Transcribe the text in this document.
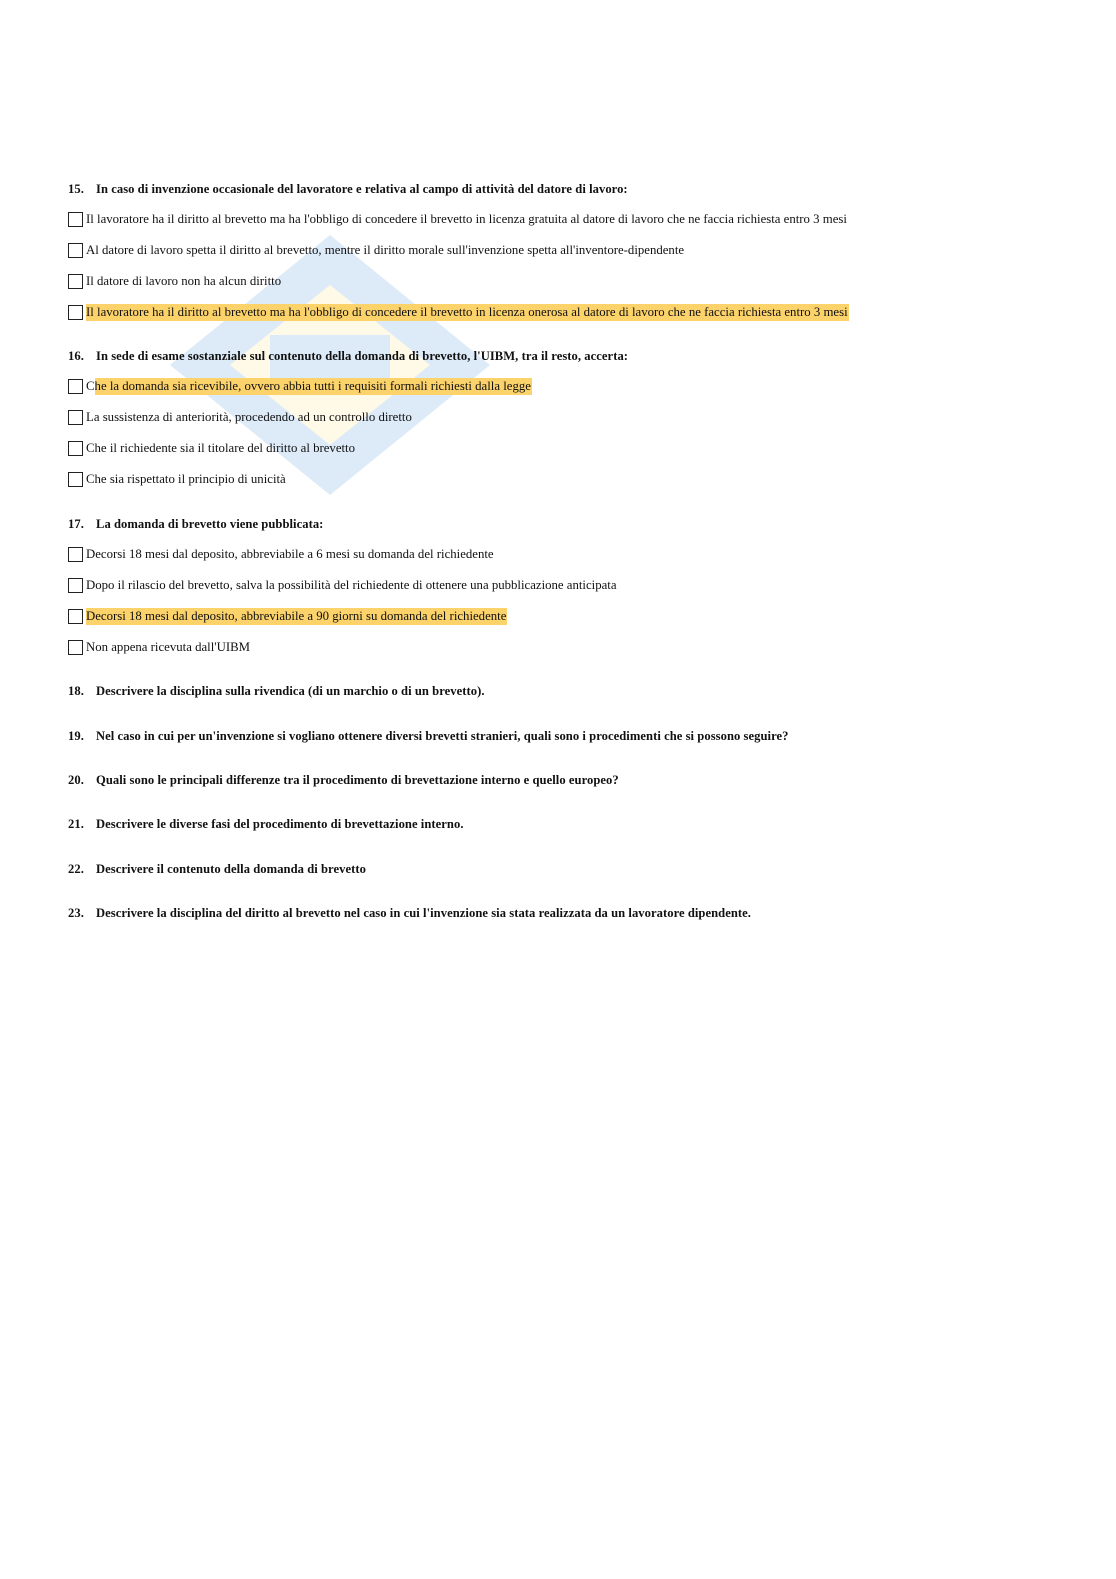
15. In caso di invenzione occasionale del lavoratore e relativa al campo di attività del datore di lavoro:
Il lavoratore ha il diritto al brevetto ma ha l'obbligo di concedere il brevetto in licenza gratuita al datore di lavoro che ne faccia richiesta entro 3 mesi
Al datore di lavoro spetta il diritto al brevetto, mentre il diritto morale sull'invenzione spetta all'inventore-dipendente
Il datore di lavoro non ha alcun diritto
Il lavoratore ha il diritto al brevetto ma ha l'obbligo di concedere il brevetto in licenza onerosa al datore di lavoro che ne faccia richiesta entro 3 mesi
16. In sede di esame sostanziale sul contenuto della domanda di brevetto, l'UIBM, tra il resto, accerta:
C he la domanda sia ricevibile, ovvero abbia tutti i requisiti formali richiesti dalla legge
La sussistenza di anteriorità, procedendo ad un controllo diretto
Che il richiedente sia il titolare del diritto al brevetto
Che sia rispettato il principio di unicità
17. La domanda di brevetto viene pubblicata:
Decorsi 18 mesi dal deposito, abbreviabile a 6 mesi su domanda del richiedente
Dopo il rilascio del brevetto, salva la possibilità del richiedente di ottenere una pubblicazione anticipata
Decorsi 18 mesi dal deposito, abbreviabile a 90 giorni su domanda del richiedente
Non appena ricevuta dall'UIBM
18. Descrivere la disciplina sulla rivendica (di un marchio o di un brevetto).
19. Nel caso in cui per un'invenzione si vogliano ottenere diversi brevetti stranieri, quali sono i procedimenti che si possono seguire?
20. Quali sono le principali differenze tra il procedimento di brevettazione interno e quello europeo?
21. Descrivere le diverse fasi del procedimento di brevettazione interno.
22. Descrivere il contenuto della domanda di brevetto
23. Descrivere la disciplina del diritto al brevetto nel caso in cui l'invenzione sia stata realizzata da un lavoratore dipendente.
